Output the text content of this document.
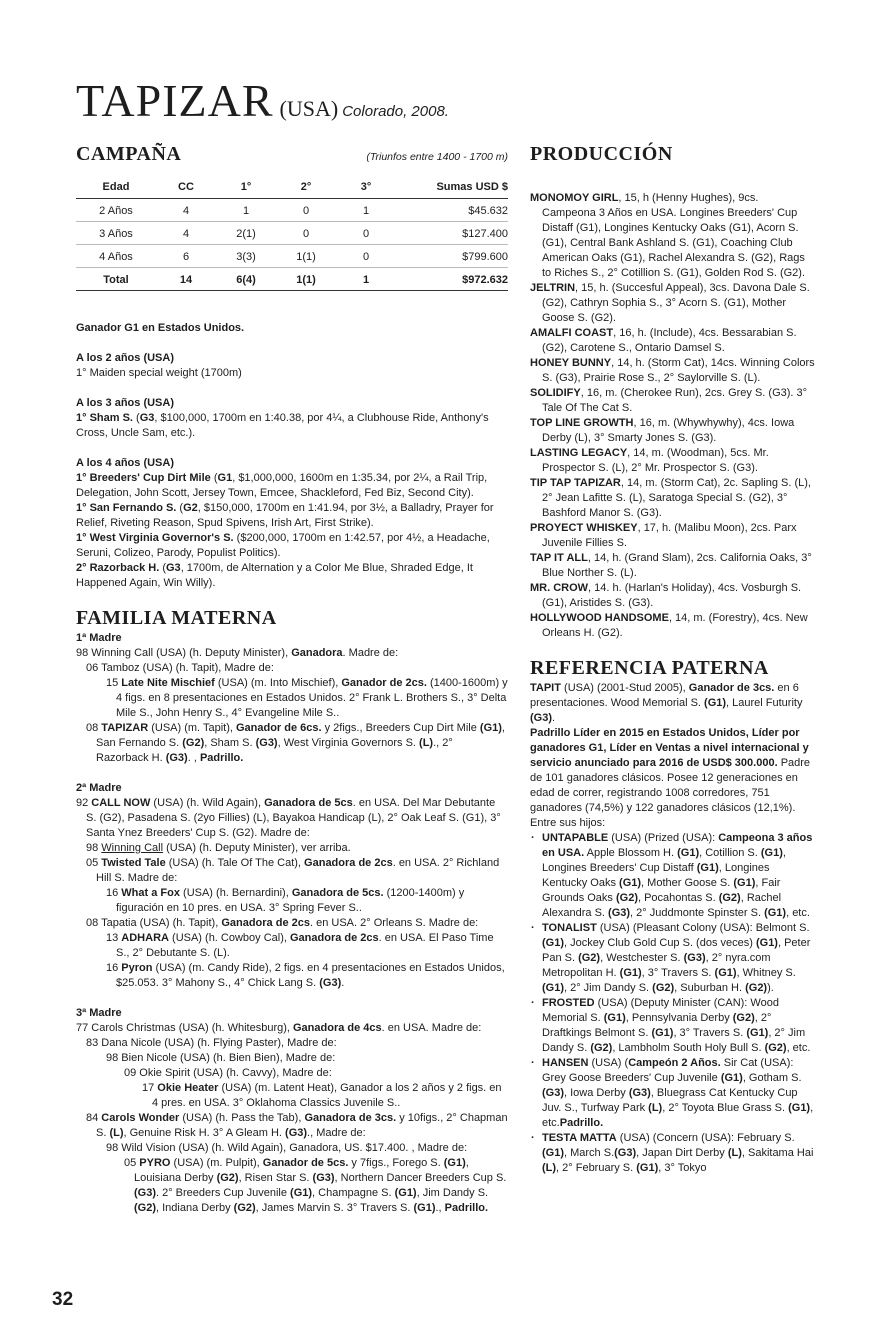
TAPIZAR (USA) Colorado, 2008.
CAMPAÑA	(Triunfos entre 1400 - 1700 m)
Edad	CC	1°	2°	3°	Sumas USD $
2 Años	4	1	0	1	$45.632
3 Años	4	2(1)	0	0	$127.400
4 Años	6	3(3)	1(1)	0	$799.600
Total	14	6(4)	1(1)	1	$972.632

Ganador G1 en Estados Unidos.

A los 2 años (USA)

1° Maiden special weight (1700m)

A los 3 años (USA)

1° Sham S. (G3, $100,000, 1700m en 1:40.38, por 4¼, a Clubhouse Ride, Anthony's Cross, Uncle Sam, etc.).

A los 4 años (USA)

1° Breeders' Cup Dirt Mile (G1, $1,000,000, 1600m en 1:35.34, por 2¼, a Rail Trip, Delegation, John Scott, Jersey Town, Emcee, Shackleford, Fed Biz, Second City).

1° San Fernando S. (G2, $150,000, 1700m en 1:41.94, por 3½, a Balladry, Prayer for Relief, Riveting Reason, Spud Spivens, Irish Art, First Strike).

1° West Virginia Governor's S. ($200,000, 1700m en 1:42.57, por 4½, a Headache, Seruni, Colizeo, Parody, Populist Politics).

2° Razorback H. (G3, 1700m, de Alternation y a Color Me Blue, Shraded Edge, It Happened Again, Win Willy).

FAMILIA MATERNA

1ª Madre

98 Winning Call (USA) (h. Deputy Minister), Ganadora. Madre de:

06 Tamboz (USA) (h. Tapit), Madre de:

15 Late Nite Mischief (USA) (m. Into Mischief), Ganador de 2cs. (1400-1600m) y 4 figs. en 8 presentaciones en Estados Unidos. 2° Frank L. Brothers S., 3° Delta Mile S., John Henry S., 4° Evangeline Mile S..

08 TAPIZAR (USA) (m. Tapit), Ganador de 6cs. y 2figs., Breeders Cup Dirt Mile (G1), San Fernando S. (G2), Sham S. (G3), West Virginia Governors S. (L)., 2° Razorback H. (G3). , Padrillo.

2ª Madre

92 CALL NOW (USA) (h. Wild Again), Ganadora de 5cs. en USA. Del Mar Debutante S. (G2), Pasadena S. (2yo Fillies) (L), Bayakoa Handicap (L), 2° Oak Leaf S. (G1), 3° Santa Ynez Breeders' Cup S. (G2). Madre de:

98 Winning Call (USA) (h. Deputy Minister), ver arriba.

05 Twisted Tale (USA) (h. Tale Of The Cat), Ganadora de 2cs. en USA. 2° Richland Hill S. Madre de:

16 What a Fox (USA) (h. Bernardini), Ganadora de 5cs. (1200-1400m) y figuración en 10 pres. en USA. 3° Spring Fever S..

08 Tapatia (USA) (h. Tapit), Ganadora de 2cs. en USA. 2° Orleans S. Madre de:

13 ADHARA (USA) (h. Cowboy Cal), Ganadora de 2cs. en USA. El Paso Time S., 2° Debutante S. (L).

16 Pyron (USA) (m. Candy Ride), 2 figs. en 4 presentaciones en Estados Unidos, $25.053. 3° Mahony S., 4° Chick Lang S. (G3).

3ª Madre

77 Carols Christmas (USA) (h. Whitesburg), Ganadora de 4cs. en USA. Madre de:

83 Dana Nicole (USA) (h. Flying Paster), Madre de:

98 Bien Nicole (USA) (h. Bien Bien), Madre de:

09 Okie Spirit (USA) (h. Cavvy), Madre de:

17 Okie Heater (USA) (m. Latent Heat), Ganador a los 2 años y 2 figs. en 4 pres. en USA. 3° Oklahoma Classics Juvenile S..

84 Carols Wonder (USA) (h. Pass the Tab), Ganadora de 3cs. y 10figs., 2° Chapman S. (L), Genuine Risk H. 3° A Gleam H. (G3)., Madre de:

98 Wild Vision (USA) (h. Wild Again), Ganadora, US. $17.400. , Madre de:

05 PYRO (USA) (m. Pulpit), Ganador de 5cs. y 7figs., Forego S. (G1), Louisiana Derby (G2), Risen Star S. (G3), Northern Dancer Breeders Cup S. (G3). 2° Breeders Cup Juvenile (G1), Champagne S. (G1), Jim Dandy S. (G2), Indiana Derby (G2), James Marvin S. 3° Travers S. (G1)., Padrillo.

PRODUCCIÓN

MONOMOY GIRL, 15, h (Henny Hughes), 9cs. Campeona 3 Años en USA. Longines Breeders' Cup Distaff (G1), Longines Kentucky Oaks (G1), Acorn S. (G1), Central Bank Ashland S. (G1), Coaching Club American Oaks (G1), Rachel Alexandra S. (G2), Rags to Riches S., 2° Cotillion S. (G1), Golden Rod S. (G2).

JELTRIN, 15, h. (Succesful Appeal), 3cs. Davona Dale S. (G2), Cathryn Sophia S., 3° Acorn S. (G1), Mother Goose S. (G2).

AMALFI COAST, 16, h. (Include), 4cs. Bessarabian S. (G2), Carotene S., Ontario Damsel S.

HONEY BUNNY, 14, h. (Storm Cat), 14cs. Winning Colors S. (G3), Prairie Rose S., 2° Saylorville S. (L).

SOLIDIFY, 16, m. (Cherokee Run), 2cs. Grey S. (G3). 3° Tale Of The Cat S.

TOP LINE GROWTH, 16, m. (Whywhywhy), 4cs. Iowa Derby (L), 3° Smarty Jones S. (G3).

LASTING LEGACY, 14, m. (Woodman), 5cs. Mr. Prospector S. (L), 2° Mr. Prospector S. (G3).

TIP TAP TAPIZAR, 14, m. (Storm Cat), 2c. Sapling S. (L), 2° Jean Lafitte S. (L), Saratoga Special S. (G2), 3° Bashford Manor S. (G3).

PROYECT WHISKEY, 17, h. (Malibu Moon), 2cs. Parx Juvenile Fillies S.

TAP IT ALL, 14, h. (Grand Slam), 2cs. California Oaks, 3° Blue Norther S. (L).

MR. CROW, 14. h. (Harlan's Holiday), 4cs. Vosburgh S. (G1), Aristides S. (G3).

HOLLYWOOD HANDSOME, 14, m. (Forestry), 4cs. New Orleans H. (G2).

REFERENCIA PATERNA

TAPIT (USA) (2001-Stud 2005), Ganador de 3cs. en 6 presentaciones. Wood Memorial S. (G1), Laurel Futurity (G3).

Padrillo Líder en 2015 en Estados Unidos, Líder por ganadores G1, Líder en Ventas a nivel internacional y servicio anunciado para 2016 de USD$ 300.000. Padre de 101 ganadores clásicos. Posee 12 generaciones en edad de correr, registrando 1008 corredores, 751 ganadores (74,5%) y 122 ganadores clásicos (12,1%). Entre sus hijos:

· UNTAPABLE (USA) (Prized (USA): Campeona 3 años en USA. Apple Blossom H. (G1), Cotillion S. (G1), Longines Breeders' Cup Distaff (G1), Longines Kentucky Oaks (G1), Mother Goose S. (G1), Fair Grounds Oaks (G2), Pocahontas S. (G2), Rachel Alexandra S. (G3), 2° Juddmonte Spinster S. (G1), etc.
· TONALIST (USA) (Pleasant Colony (USA): Belmont S. (G1), Jockey Club Gold Cup S. (dos veces) (G1), Peter Pan S. (G2), Westchester S. (G3), 2° nyra.com Metropolitan H. (G1), 3° Travers S. (G1), Whitney S. (G1), 2° Jim Dandy S. (G2), Suburban H. (G2)).
· FROSTED (USA) (Deputy Minister (CAN): Wood Memorial S. (G1), Pennsylvania Derby (G2), 2° Draftkings Belmont S. (G1), 3° Travers S. (G1), 2° Jim Dandy S. (G2), Lambholm South Holy Bull S. (G2), etc.
· HANSEN (USA) (Campeón 2 Años. Sir Cat (USA): Grey Goose Breeders' Cup Juvenile (G1), Gotham S. (G3), Iowa Derby (G3), Bluegrass Cat Kentucky Cup Juv. S., Turfway Park (L), 2° Toyota Blue Grass S. (G1), etc.Padrillo.
· TESTA MATTA (USA) (Concern (USA): February S.(G1), March S.(G3), Japan Dirt Derby (L), Sakitama Hai (L), 2° February S. (G1), 3° Tokyo
32
